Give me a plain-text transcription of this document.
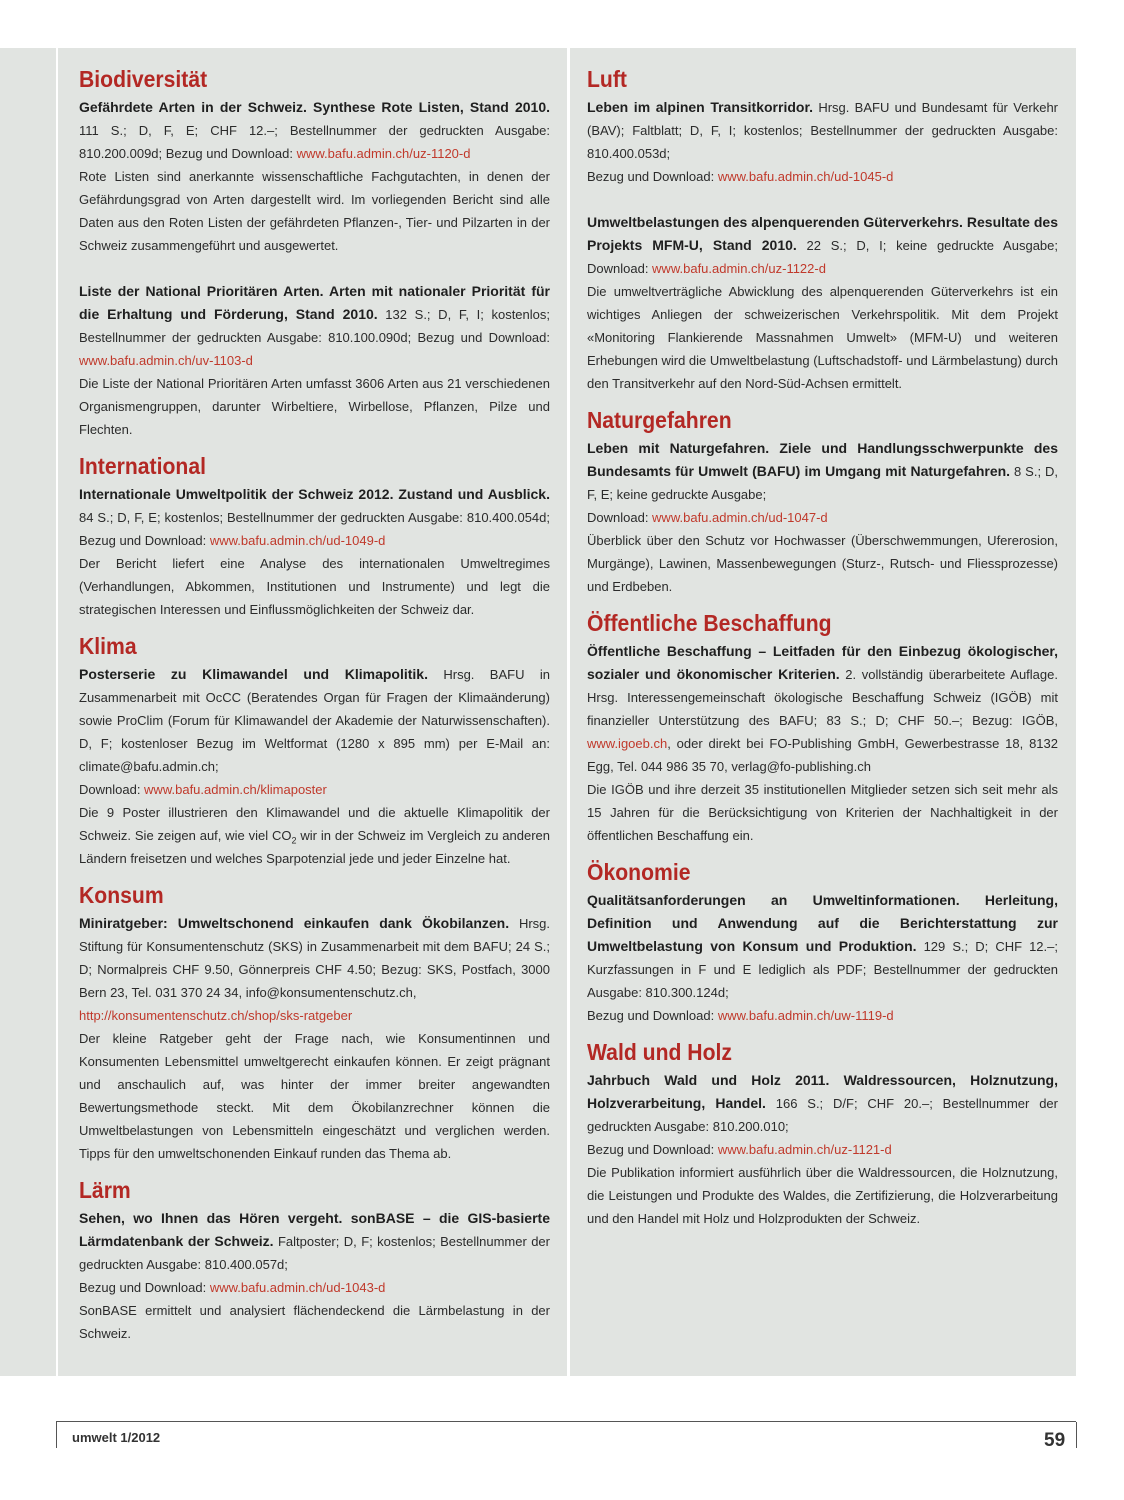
Biodiversität

Gefährdete Arten in der Schweiz. Synthese Rote Listen, Stand 2010. 111 S.; D, F, E; CHF 12.–; Bestellnummer der gedruckten Ausgabe: 810.200.009d; Bezug und Download: www.bafu.admin.ch/uz-1120-d
Rote Listen sind anerkannte wissenschaftliche Fachgutachten, in denen der Gefährdungsgrad von Arten dargestellt wird. Im vorliegenden Bericht sind alle Daten aus den Roten Listen der gefährdeten Pflanzen-, Tier- und Pilzarten in der Schweiz zusammengeführt und ausgewertet.

Liste der National Prioritären Arten. Arten mit nationaler Priorität für die Erhaltung und Förderung, Stand 2010. 132 S.; D, F, I; kostenlos; Bestellnummer der gedruckten Ausgabe: 810.100.090d; Bezug und Download: www.bafu.admin.ch/uv-1103-d
Die Liste der National Prioritären Arten umfasst 3606 Arten aus 21 verschiedenen Organismengruppen, darunter Wirbeltiere, Wirbellose, Pflanzen, Pilze und Flechten.

International

Internationale Umweltpolitik der Schweiz 2012. Zustand und Ausblick. 84 S.; D, F, E; kostenlos; Bestellnummer der gedruckten Ausgabe: 810.400.054d; Bezug und Download: www.bafu.admin.ch/ud-1049-d
Der Bericht liefert eine Analyse des internationalen Umweltregimes (Verhandlungen, Abkommen, Institutionen und Instrumente) und legt die strategischen Interessen und Einflussmöglichkeiten der Schweiz dar.

Klima

Posterserie zu Klimawandel und Klimapolitik. Hrsg. BAFU in Zusammenarbeit mit OcCC (Beratendes Organ für Fragen der Klimaänderung) sowie ProClim (Forum für Klimawandel der Akademie der Naturwissenschaften). D, F; kostenloser Bezug im Weltformat (1280 x 895 mm) per E-Mail an: climate@bafu.admin.ch;
Download: www.bafu.admin.ch/klimaposter
Die 9 Poster illustrieren den Klimawandel und die aktuelle Klimapolitik der Schweiz. Sie zeigen auf, wie viel $CO_2$ wir in der Schweiz im Vergleich zu anderen Ländern freisetzen und welches Sparpotenzial jede und jeder Einzelne hat.

Konsum

Miniratgeber: Umweltschonend einkaufen dank Ökobilanzen. Hrsg. Stiftung für Konsumentenschutz (SKS) in Zusammenarbeit mit dem BAFU; 24 S.; D; Normalpreis CHF 9.50, Gönnerpreis CHF 4.50; Bezug: SKS, Postfach, 3000 Bern 23, Tel. 031 370 24 34, info@konsumentenschutz.ch,
http://konsumentenschutz.ch/shop/sks-ratgeber
Der kleine Ratgeber geht der Frage nach, wie Konsumentinnen und Konsumenten Lebensmittel umweltgerecht einkaufen können. Er zeigt prägnant und anschaulich auf, was hinter der immer breiter angewandten Bewertungsmethode steckt. Mit dem Ökobilanzrechner können die Umweltbelastungen von Lebensmitteln eingeschätzt und verglichen werden. Tipps für den umweltschonenden Einkauf runden das Thema ab.

Lärm

Sehen, wo Ihnen das Hören vergeht. sonBASE – die GIS-basierte Lärmdatenbank der Schweiz. Faltposter; D, F; kostenlos; Bestellnummer der gedruckten Ausgabe: 810.400.057d;
Bezug und Download: www.bafu.admin.ch/ud-1043-d
SonBASE ermittelt und analysiert flächendeckend die Lärmbelastung in der Schweiz.

Luft

Leben im alpinen Transitkorridor. Hrsg. BAFU und Bundesamt für Verkehr (BAV); Faltblatt; D, F, I; kostenlos; Bestellnummer der gedruckten Ausgabe: 810.400.053d;
Bezug und Download: www.bafu.admin.ch/ud-1045-d

Umweltbelastungen des alpenquerenden Güterverkehrs. Resultate des Projekts MFM-U, Stand 2010. 22 S.; D, I; keine gedruckte Ausgabe; Download: www.bafu.admin.ch/uz-1122-d
Die umweltverträgliche Abwicklung des alpenquerenden Güterverkehrs ist ein wichtiges Anliegen der schweizerischen Verkehrspolitik. Mit dem Projekt «Monitoring Flankierende Massnahmen Umwelt» (MFM-U) und weiteren Erhebungen wird die Umweltbelastung (Luftschadstoff- und Lärmbelastung) durch den Transitverkehr auf den Nord-Süd-Achsen ermittelt.

Naturgefahren

Leben mit Naturgefahren. Ziele und Handlungsschwerpunkte des Bundesamts für Umwelt (BAFU) im Umgang mit Naturgefahren. 8 S.; D, F, E; keine gedruckte Ausgabe;
Download: www.bafu.admin.ch/ud-1047-d
Überblick über den Schutz vor Hochwasser (Überschwemmungen, Ufererosion, Murgänge), Lawinen, Massenbewegungen (Sturz-, Rutsch- und Fliessprozesse) und Erdbeben.

Öffentliche Beschaffung

Öffentliche Beschaffung – Leitfaden für den Einbezug ökologischer, sozialer und ökonomischer Kriterien. 2. vollständig überarbeitete Auflage. Hrsg. Interessengemeinschaft ökologische Beschaffung Schweiz (IGÖB) mit finanzieller Unterstützung des BAFU; 83 S.; D; CHF 50.–; Bezug: IGÖB, www.igoeb.ch, oder direkt bei FO-Publishing GmbH, Gewerbestrasse 18, 8132 Egg, Tel. 044 986 35 70, verlag@fo-publishing.ch
Die IGÖB und ihre derzeit 35 institutionellen Mitglieder setzen sich seit mehr als 15 Jahren für die Berücksichtigung von Kriterien der Nachhaltigkeit in der öffentlichen Beschaffung ein.

Ökonomie

Qualitätsanforderungen an Umweltinformationen. Herleitung, Definition und Anwendung auf die Berichterstattung zur Umweltbelastung von Konsum und Produktion. 129 S.; D; CHF 12.–; Kurzfassungen in F und E lediglich als PDF; Bestellnummer der gedruckten Ausgabe: 810.300.124d;
Bezug und Download: www.bafu.admin.ch/uw-1119-d

Wald und Holz

Jahrbuch Wald und Holz 2011. Waldressourcen, Holznutzung, Holzverarbeitung, Handel. 166 S.; D/F; CHF 20.–; Bestellnummer der gedruckten Ausgabe: 810.200.010;
Bezug und Download: www.bafu.admin.ch/uz-1121-d
Die Publikation informiert ausführlich über die Waldressourcen, die Holznutzung, die Leistungen und Produkte des Waldes, die Zertifizierung, die Holzverarbeitung und den Handel mit Holz und Holzprodukten der Schweiz.

umwelt 1/2012	59
